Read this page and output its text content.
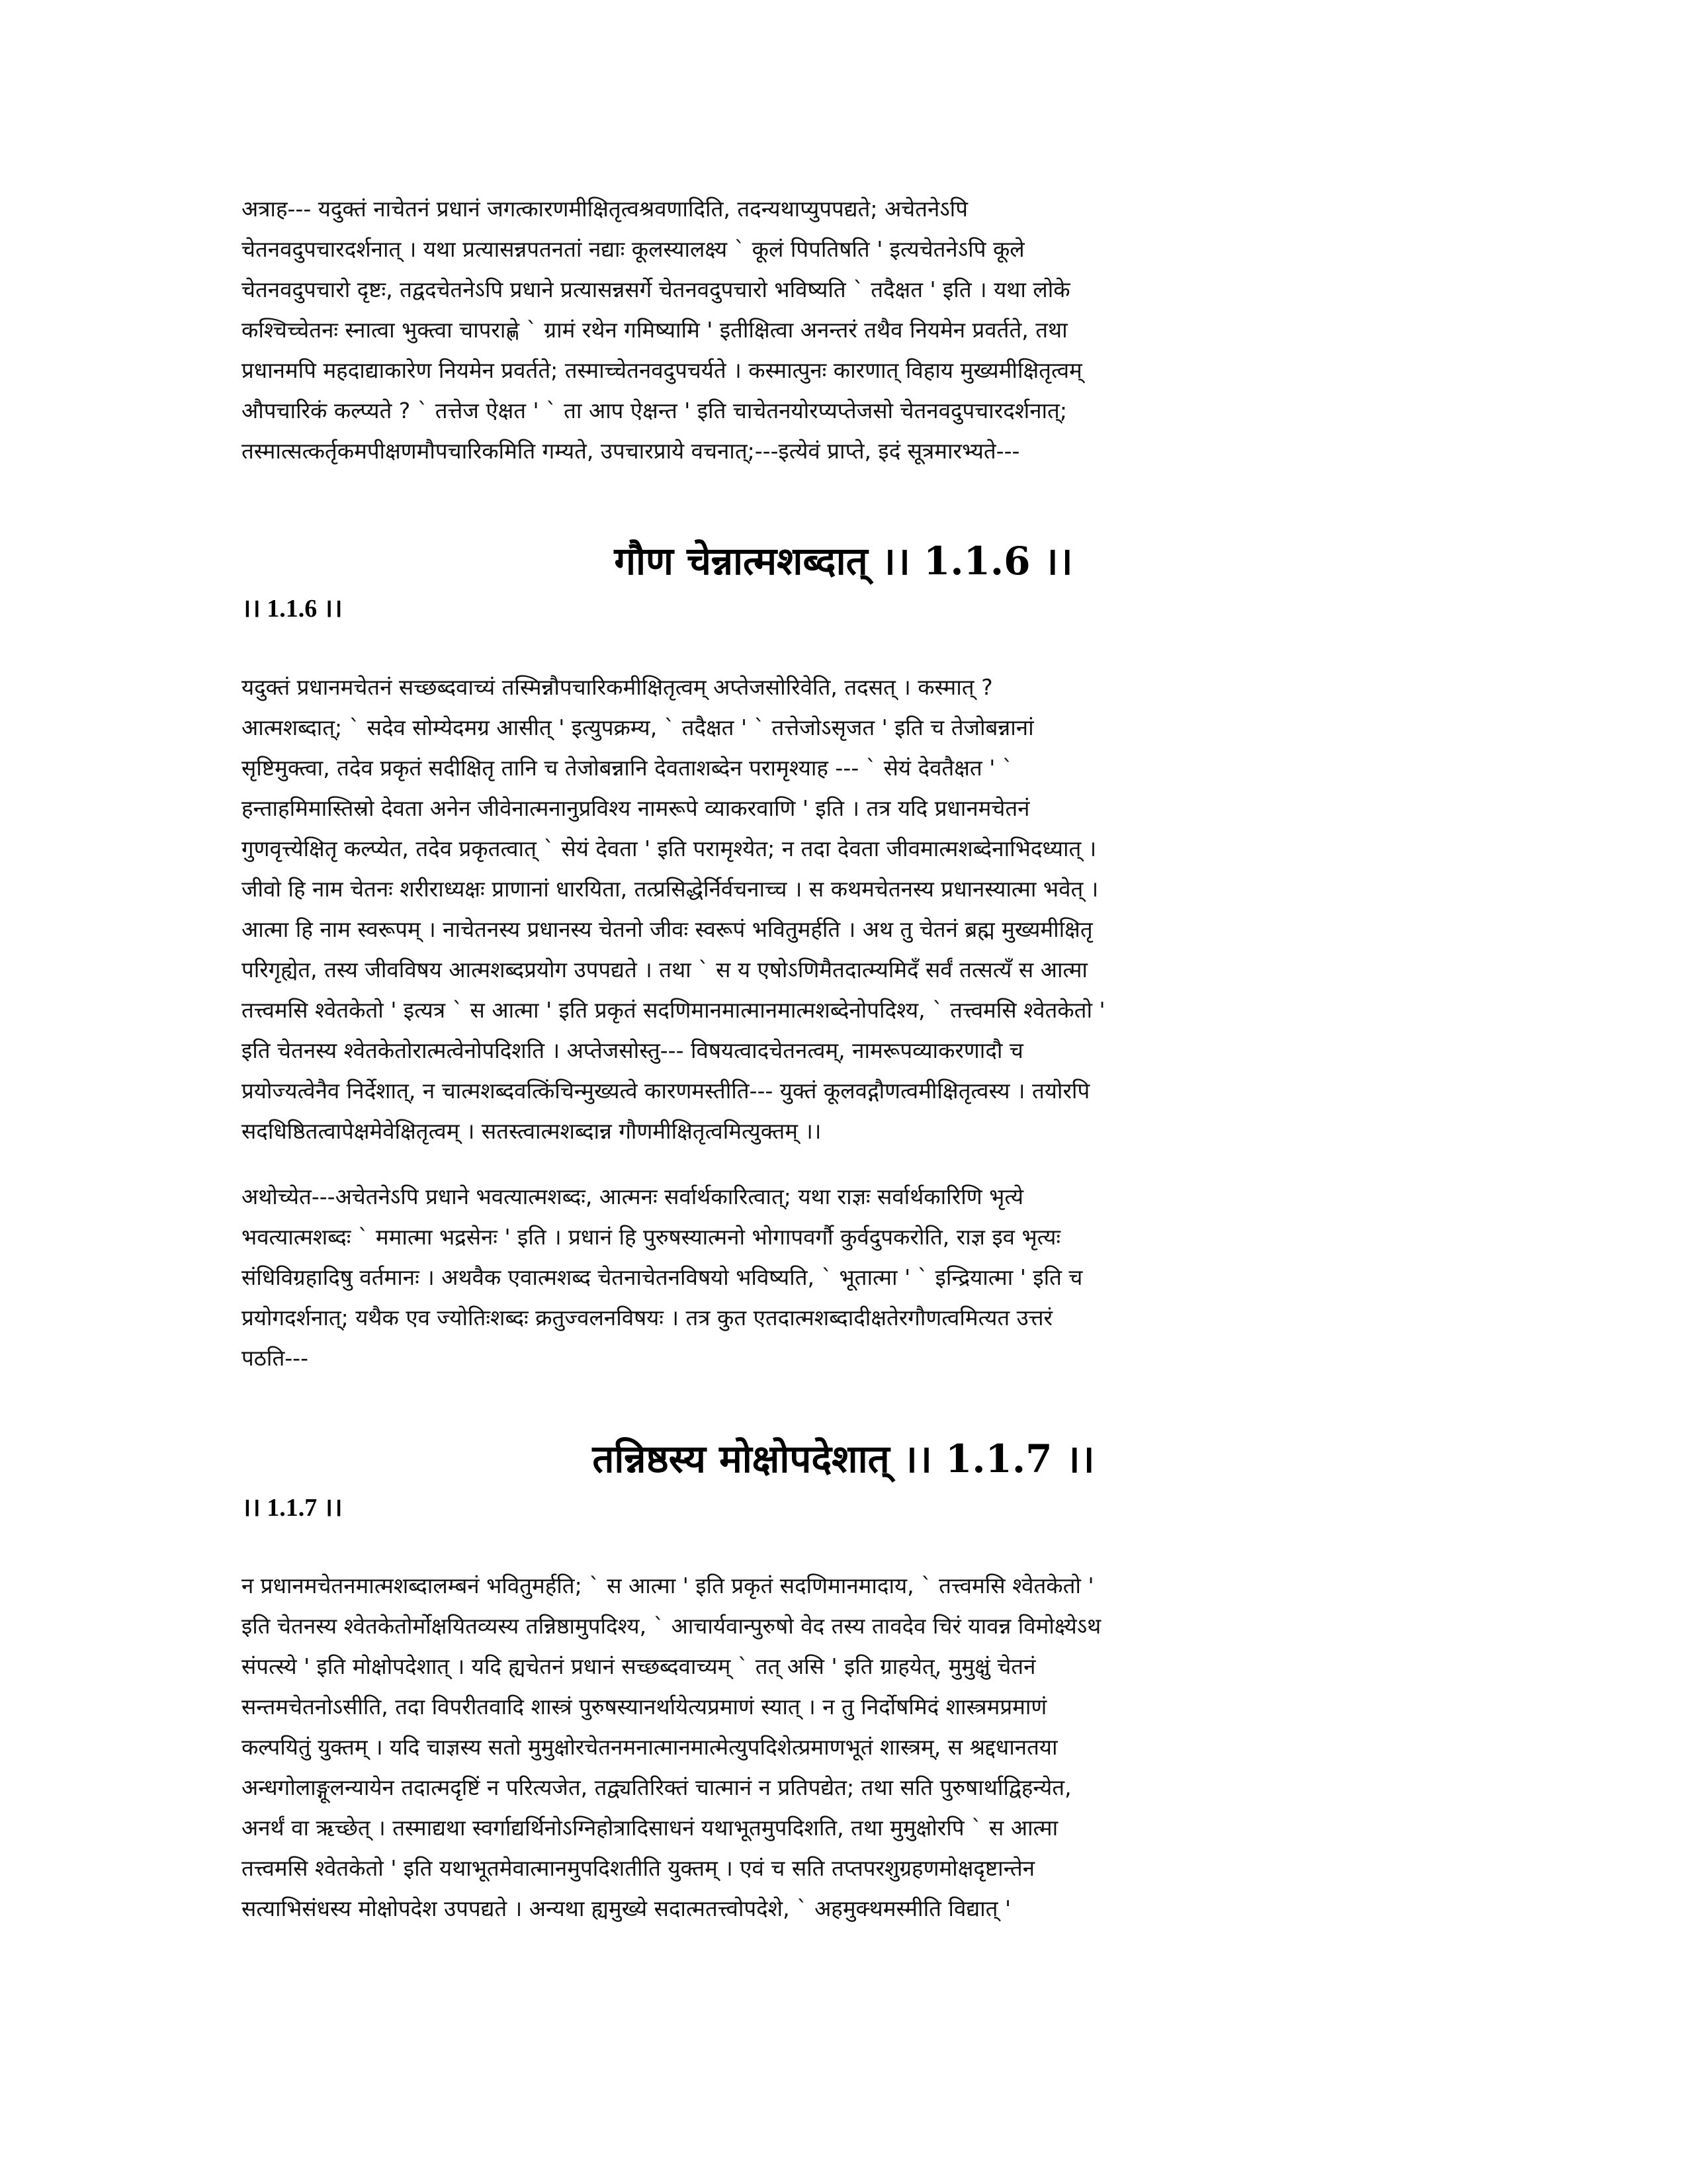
अत्राह--- यदुक्तं नाचेतनं प्रधानं जगत्कारणमीक्षितृत्वश्रवणादिति, तदन्यथाप्युपपद्यते; अचेतनेऽपि
चेतनवदुपचारदर्शनात् । यथा प्रत्यासन्नपतनतां नद्याः कूलस्यालक्ष्य ` कूलं पिपतिषति ' इत्यचेतनेऽपि कूले
चेतनवदुपचारो दृष्टः, तद्वदचेतनेऽपि प्रधाने प्रत्यासन्नसर्गे चेतनवदुपचारो भविष्यति ` तदैक्षत ' इति । यथा लोके
कश्चिच्चेतनः स्नात्वा भुक्त्वा चापराह्णे ` ग्रामं रथेन गमिष्यामि ' इतीक्षित्वा अनन्तरं तथैव नियमेन प्रवर्तते, तथा
प्रधानमपि महदाद्याकारेण नियमेन प्रवर्तते; तस्माच्चेतनवदुपचर्यते । कस्मात्पुनः कारणात् विहाय मुख्यमीक्षितृत्वम्
औपचारिकं कल्प्यते ? ` तत्तेज ऐक्षत ' ` ता आप ऐक्षन्त ' इति चाचेतनयोरप्यप्तेजसो चेतनवदुपचारदर्शनात्;
तस्मात्सत्कर्तृकमपीक्षणमौपचारिकमिति गम्यते, उपचारप्राये वचनात्;---इत्येवं प्राप्ते, इदं सूत्रमारभ्यते---
गौण चेन्नात्मशब्दात् ।। 1.1.6 ।।
।। 1.1.6 ।।
यदुक्तं प्रधानमचेतनं सच्छब्दवाच्यं तस्मिन्नौपचारिकमीक्षितृत्वम् अप्तेजसोरिवेति, तदसत् । कस्मात् ?
आत्मशब्दात्; ` सदेव सोम्येदमग्र आसीत् ' इत्युपक्रम्य, ` तदैक्षत ' ` तत्तेजोऽसृजत ' इति च तेजोबन्नानां
सृष्टिमुक्त्वा, तदेव प्रकृतं सदीक्षितृ तानि च तेजोबन्नानि देवताशब्देन परामृश्याह --- ` सेयं देवतैक्षत ' `
हन्ताहमिमास्तिस्रो देवता अनेन जीवेनात्मनानुप्रविश्य नामरूपे व्याकरवाणि ' इति । तत्र यदि प्रधानमचेतनं
गुणवृत्त्येक्षितृ कल्प्येत, तदेव प्रकृतत्वात् ` सेयं देवता ' इति परामृश्येत; न तदा देवता जीवमात्मशब्देनाभिदध्यात् ।
जीवो हि नाम चेतनः शरीराध्यक्षः प्राणानां धारयिता, तत्प्रसिद्धेर्निर्वचनाच्च । स कथमचेतनस्य प्रधानस्यात्मा भवेत् ।
आत्मा हि नाम स्वरूपम् । नाचेतनस्य प्रधानस्य चेतनो जीवः स्वरूपं भवितुमर्हति । अथ तु चेतनं ब्रह्म मुख्यमीक्षितृ
परिगृह्येत, तस्य जीवविषय आत्मशब्दप्रयोग उपपद्यते । तथा ` स य एषोऽणिमैतदात्म्यमिदँ सर्वं तत्सत्यँ स आत्मा
तत्त्वमसि श्वेतकेतो ' इत्यत्र ` स आत्मा ' इति प्रकृतं सदणिमानमात्मानमात्मशब्देनोपदिश्य, ` तत्त्वमसि श्वेतकेतो '
इति चेतनस्य श्वेतकेतोरात्मत्वेनोपदिशति । अप्तेजसोस्तु--- विषयत्वादचेतनत्वम्, नामरूपव्याकरणादौ च
प्रयोज्यत्वेनैव निर्देशात्, न चात्मशब्दवत्किंचिन्मुख्यत्वे कारणमस्तीति--- युक्तं कूलवद्गौणत्वमीक्षितृत्वस्य । तयोरपि
सदधिष्ठितत्वापेक्षमेवेक्षितृत्वम् । सतस्त्वात्मशब्दान्न गौणमीक्षितृत्वमित्युक्तम् ।।
अथोच्येत---अचेतनेऽपि प्रधाने भवत्यात्मशब्दः, आत्मनः सर्वार्थकारित्वात्; यथा राज्ञः सर्वार्थकारिणि भृत्ये
भवत्यात्मशब्दः ` ममात्मा भद्रसेनः ' इति । प्रधानं हि पुरुषस्यात्मनो भोगापवर्गौ कुर्वदुपकरोति, राज्ञ इव भृत्यः
संधिविग्रहादिषु वर्तमानः । अथवैक एवात्मशब्द चेतनाचेतनविषयो भविष्यति, ` भूतात्मा ' ` इन्द्रियात्मा ' इति च
प्रयोगदर्शनात्; यथैक एव ज्योतिःशब्दः क्रतुज्वलनविषयः । तत्र कुत एतदात्मशब्दादीक्षतेरगौणत्वमित्यत उत्तरं
पठति---
तन्निष्ठस्य मोक्षोपदेशात् ।। 1.1.7 ।।
।। 1.1.7 ।।
न प्रधानमचेतनमात्मशब्दालम्बनं भवितुमर्हति; ` स आत्मा ' इति प्रकृतं सदणिमानमादाय, ` तत्त्वमसि श्वेतकेतो '
इति चेतनस्य श्वेतकेतोर्मोक्षयितव्यस्य तन्निष्ठामुपदिश्य, ` आचार्यवान्पुरुषो वेद तस्य तावदेव चिरं यावन्न विमोक्ष्येऽथ
संपत्स्ये ' इति मोक्षोपदेशात् । यदि ह्यचेतनं प्रधानं सच्छब्दवाच्यम् ` तत् असि ' इति ग्राहयेत्, मुमुक्षुं चेतनं
सन्तमचेतनोऽसीति, तदा विपरीतवादि शास्त्रं पुरुषस्यानर्थायेत्यप्रमाणं स्यात् । न तु निर्दोषमिदं शास्त्रमप्रमाणं
कल्पयितुं युक्तम् । यदि चाज्ञस्य सतो मुमुक्षोरचेतनमनात्मानमात्मेत्युपदिशेत्प्रमाणभूतं शास्त्रम्, स श्रद्दधानतया
अन्धगोलाङ्गूलन्यायेन तदात्मदृष्टिं न परित्यजेत, तद्व्यतिरिक्तं चात्मानं न प्रतिपद्येत; तथा सति पुरुषार्थाद्विहन्येत,
अनर्थं वा ऋच्छेत् । तस्माद्यथा स्वर्गाद्यर्थिनोऽग्निहोत्रादिसाधनं यथाभूतमुपदिशति, तथा मुमुक्षोरपि ` स आत्मा
तत्त्वमसि श्वेतकेतो ' इति यथाभूतमेवात्मानमुपदिशतीति युक्तम् । एवं च सति तप्तपरशुग्रहणमोक्षदृष्टान्तेन
सत्याभिसंधस्य मोक्षोपदेश उपपद्यते । अन्यथा ह्यमुख्ये सदात्मतत्त्वोपदेशे, ` अहमुक्थमस्मीति विद्यात् '
